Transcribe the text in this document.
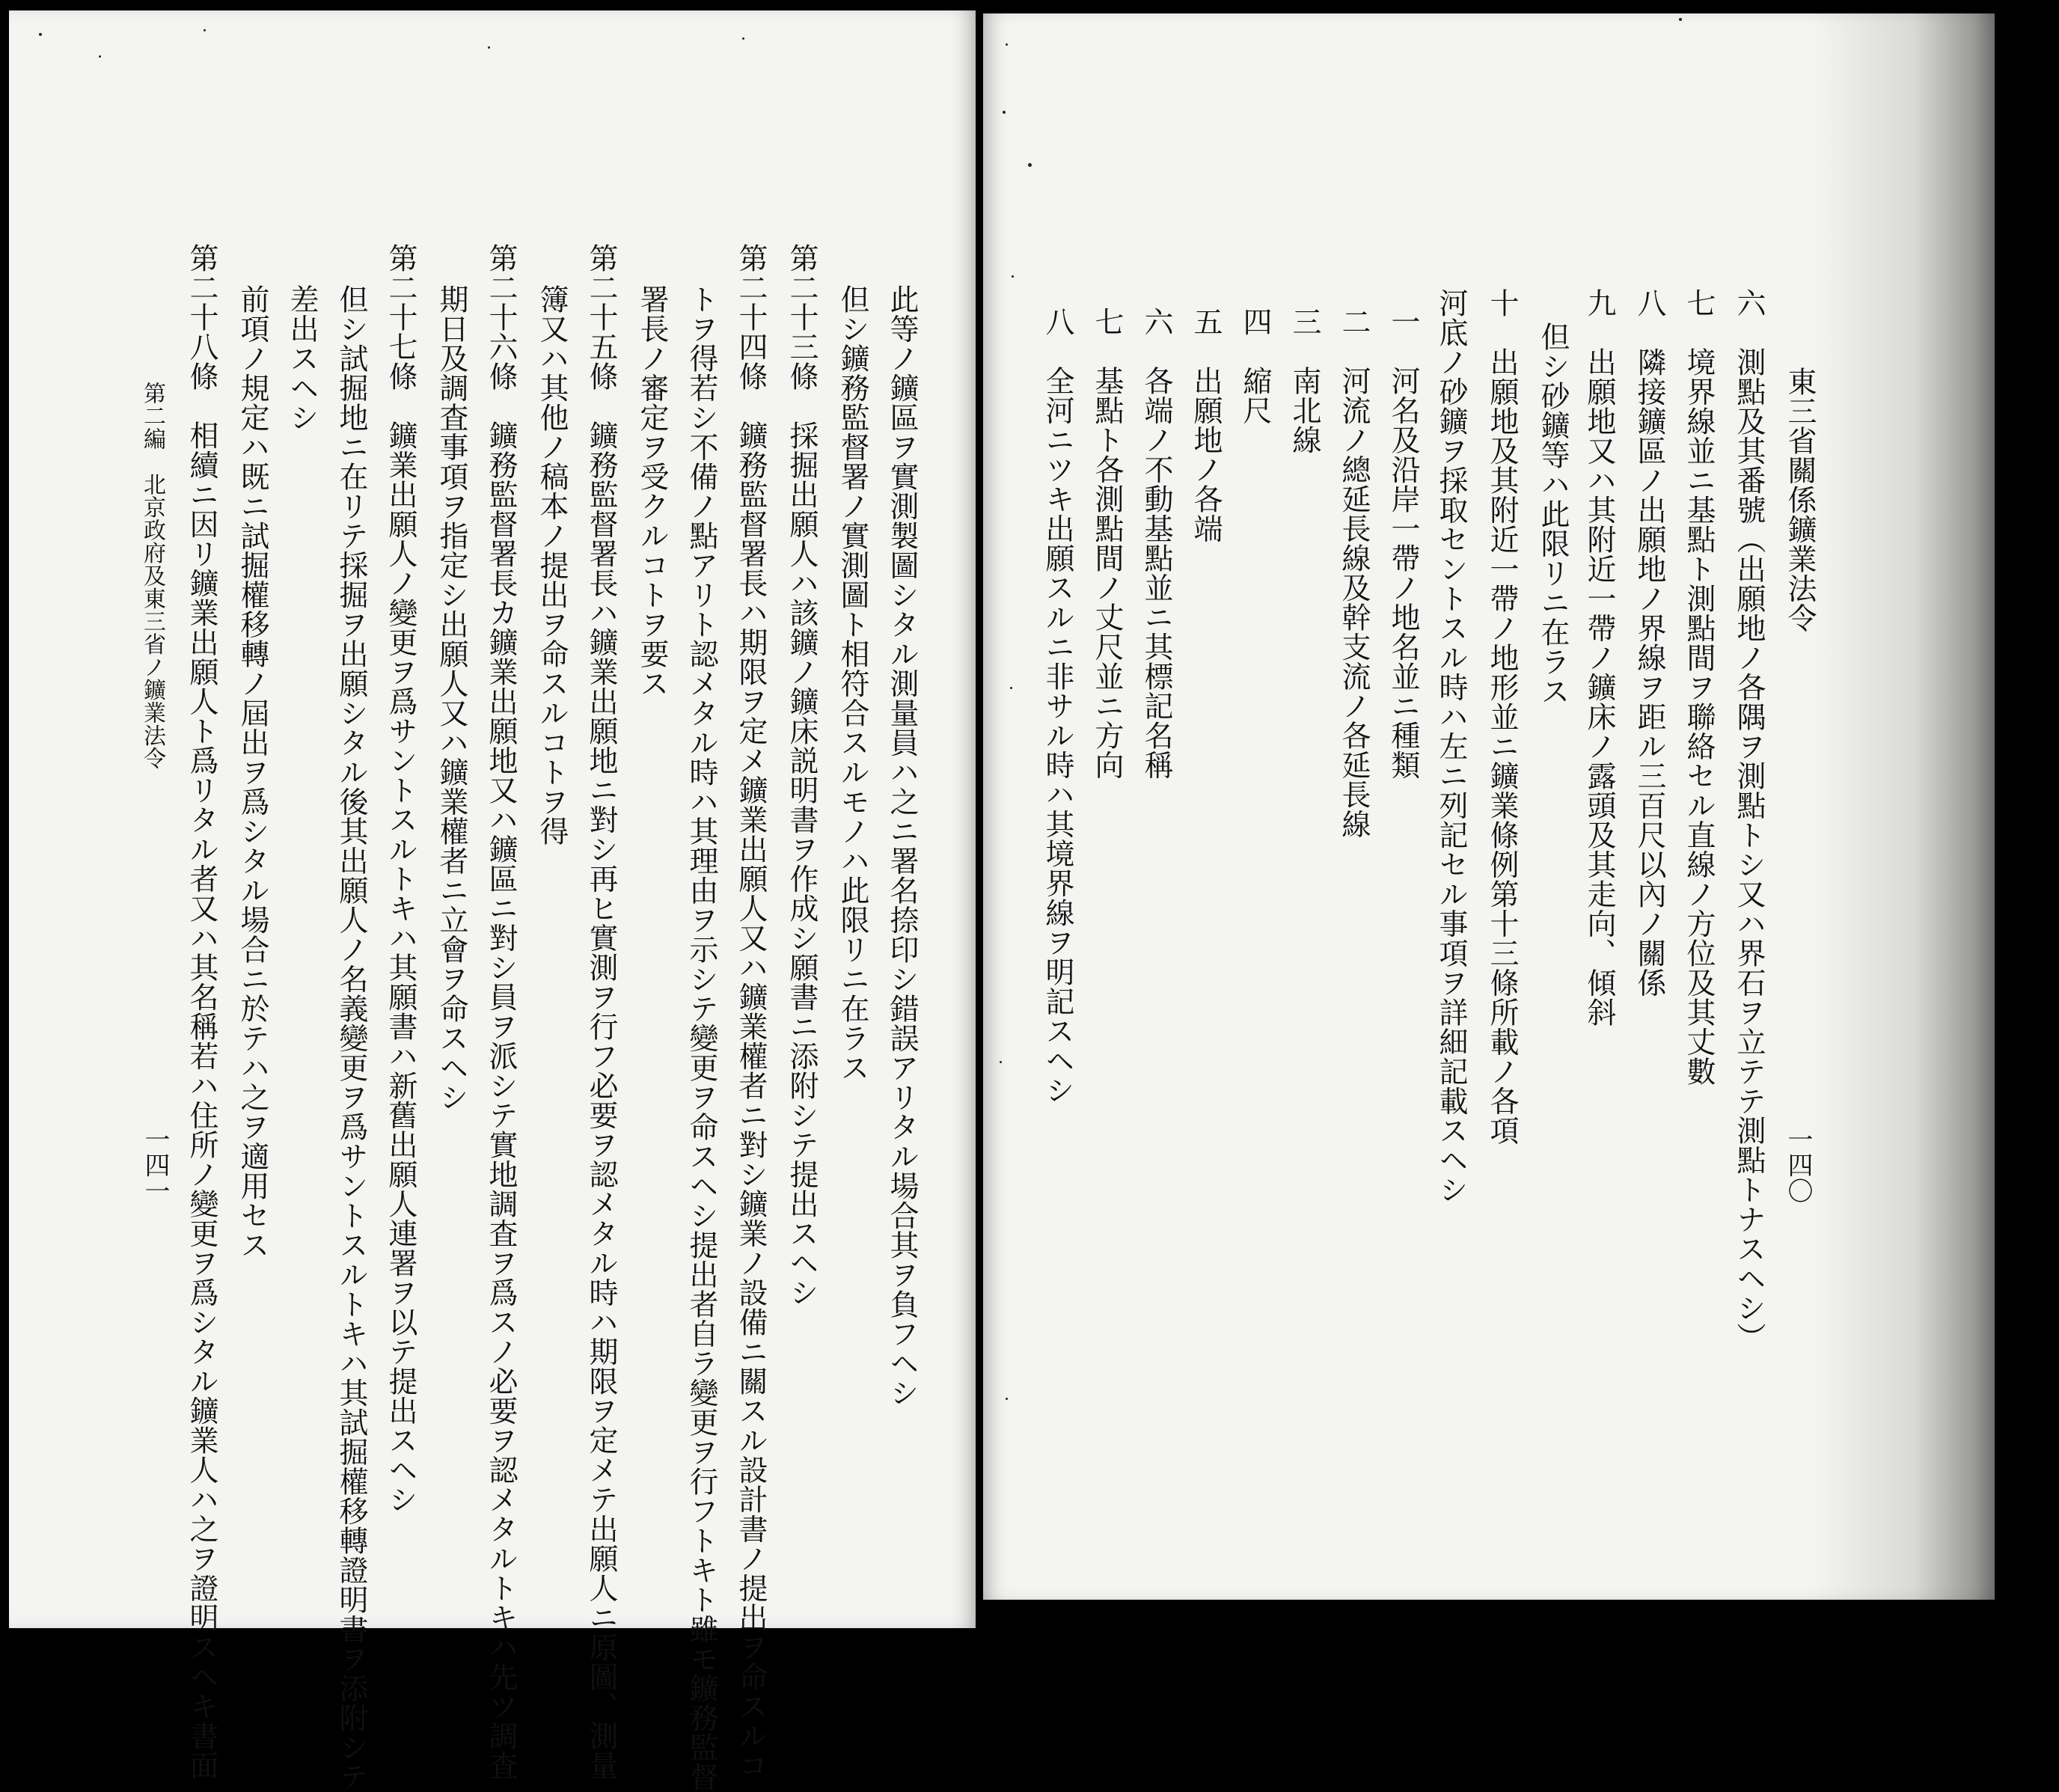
東三省關係鑛業法令
一四〇
六　測點及其番號（出願地ノ各隅ヲ測點トシ又ハ界石ヲ立テテ測點トナスヘシ）
七　境界線並ニ基點ト測點間ヲ聯絡セル直線ノ方位及其丈數
八　隣接鑛區ノ出願地ノ界線ヲ距ル三百尺以內ノ關係
九　出願地又ハ其附近一帶ノ鑛床ノ露頭及其走向、傾斜
但シ砂鑛等ハ此限リニ在ラス
十　出願地及其附近一帶ノ地形並ニ鑛業條例第十三條所載ノ各項
河底ノ砂鑛ヲ採取セントスル時ハ左ニ列記セル事項ヲ詳細記載スヘシ
一　河名及沿岸一帶ノ地名並ニ種類
二　河流ノ總延長線及幹支流ノ各延長線
三　南北線
四　縮尺
五　出願地ノ各端
六　各端ノ不動基點並ニ其標記名稱
七　基點ト各測點間ノ丈尺並ニ方向
八　全河ニツキ出願スルニ非サル時ハ其境界線ヲ明記スヘシ
此等ノ鑛區ヲ實測製圖シタル測量員ハ之ニ署名捺印シ錯誤アリタル場合其ヲ負フヘシ
但シ鑛務監督署ノ實測圖ト相符合スルモノハ此限リニ在ラス
第二十三條　採掘出願人ハ該鑛ノ鑛床説明書ヲ作成シ願書ニ添附シテ提出スヘシ
第二十四條　鑛務監督署長ハ期限ヲ定メ鑛業出願人又ハ鑛業權者ニ對シ鑛業ノ設備ニ關スル設計書ノ提出ヲ命スルコ
トヲ得若シ不備ノ點アリト認メタル時ハ其理由ヲ示シテ變更ヲ命スヘシ提出者自ラ變更ヲ行フトキト雖モ鑛務監督
署長ノ審定ヲ受クルコトヲ要ス
第二十五條　鑛務監督署長ハ鑛業出願地ニ對シ再ヒ實測ヲ行フ必要ヲ認メタル時ハ期限ヲ定メテ出願人ニ原圖、測量
簿又ハ其他ノ稿本ノ提出ヲ命スルコトヲ得
第二十六條　鑛務監督署長カ鑛業出願地又ハ鑛區ニ對シ員ヲ派シテ實地調査ヲ爲スノ必要ヲ認メタルトキハ先ツ調査
期日及調査事項ヲ指定シ出願人又ハ鑛業權者ニ立會ヲ命スヘシ
第二十七條　鑛業出願人ノ變更ヲ爲サントスルトキハ其願書ハ新舊出願人連署ヲ以テ提出スヘシ
但シ試掘地ニ在リテ採掘ヲ出願シタル後其出願人ノ名義變更ヲ爲サントスルトキハ其試掘權移轉證明書ヲ添附シテ
差出スヘシ
前項ノ規定ハ既ニ試掘權移轉ノ屆出ヲ爲シタル場合ニ於テハ之ヲ適用セス
第二十八條　相續ニ因リ鑛業出願人ト爲リタル者又ハ其名稱若ハ住所ノ變更ヲ爲シタル鑛業人ハ之ヲ證明スヘキ書面
第二編　北京政府及東三省ノ鑛業法令
一四一
